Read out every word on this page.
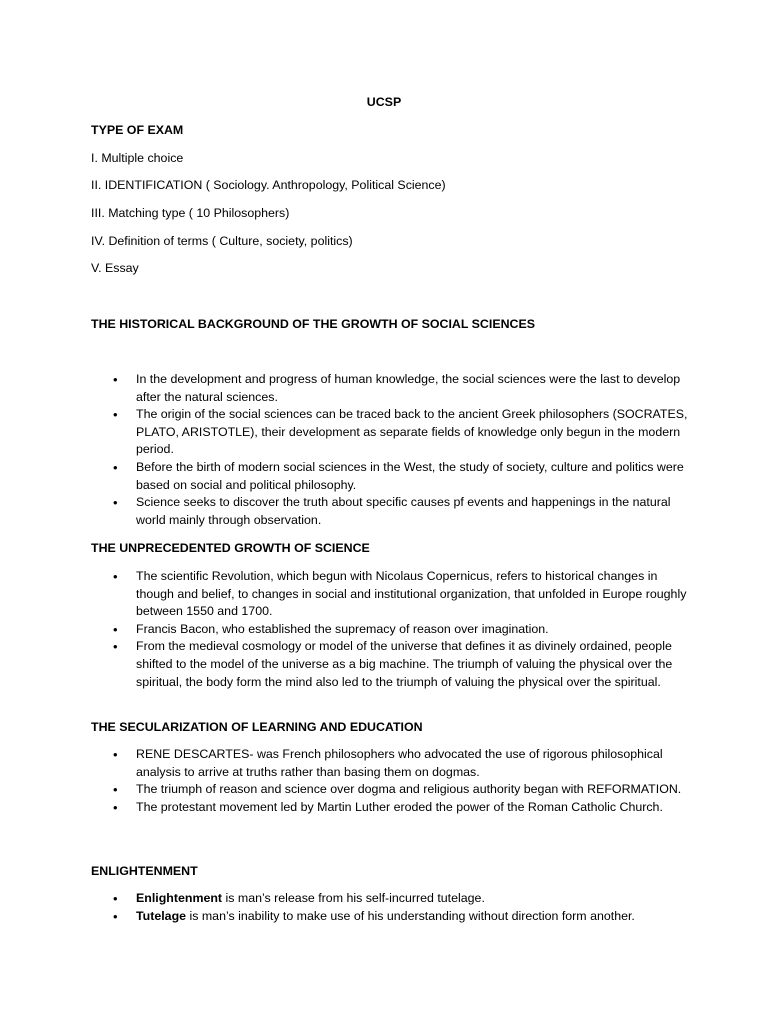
UCSP
TYPE OF EXAM
I. Multiple choice
II. IDENTIFICATION ( Sociology. Anthropology, Political Science)
III. Matching type ( 10 Philosophers)
IV. Definition of terms ( Culture, society, politics)
V. Essay
THE HISTORICAL BACKGROUND OF THE GROWTH OF SOCIAL SCIENCES
• In the development and progress of human knowledge, the social sciences were the last to develop after the natural sciences.
• The origin of the social sciences can be traced back to the ancient Greek philosophers (SOCRATES, PLATO, ARISTOTLE), their development as separate fields of knowledge only begun in the modern period.
• Before the birth of modern social sciences in the West, the study of society, culture and politics were based on social and political philosophy.
• Science seeks to discover the truth about specific causes pf events and happenings in the natural world mainly through observation.
THE UNPRECEDENTED GROWTH OF SCIENCE
• The scientific Revolution, which begun with Nicolaus Copernicus, refers to historical changes in though and belief, to changes in social and institutional organization, that unfolded in Europe roughly between 1550 and 1700.
• Francis Bacon, who established the supremacy of reason over imagination.
• From the medieval cosmology or model of the universe that defines it as divinely ordained, people shifted to the model of the universe as a big machine. The triumph of valuing the physical over the spiritual, the body form the mind also led to the triumph of valuing the physical over the spiritual.
THE SECULARIZATION OF LEARNING AND EDUCATION
• RENE DESCARTES- was French philosophers who advocated the use of rigorous philosophical analysis to arrive at truths rather than basing them on dogmas.
• The triumph of reason and science over dogma and religious authority began with REFORMATION.
• The protestant movement led by Martin Luther eroded the power of the Roman Catholic Church.
ENLIGHTENMENT
• Enlightenment is man’s release from his self-incurred tutelage.
• Tutelage is man’s inability to make use of his understanding without direction form another.
